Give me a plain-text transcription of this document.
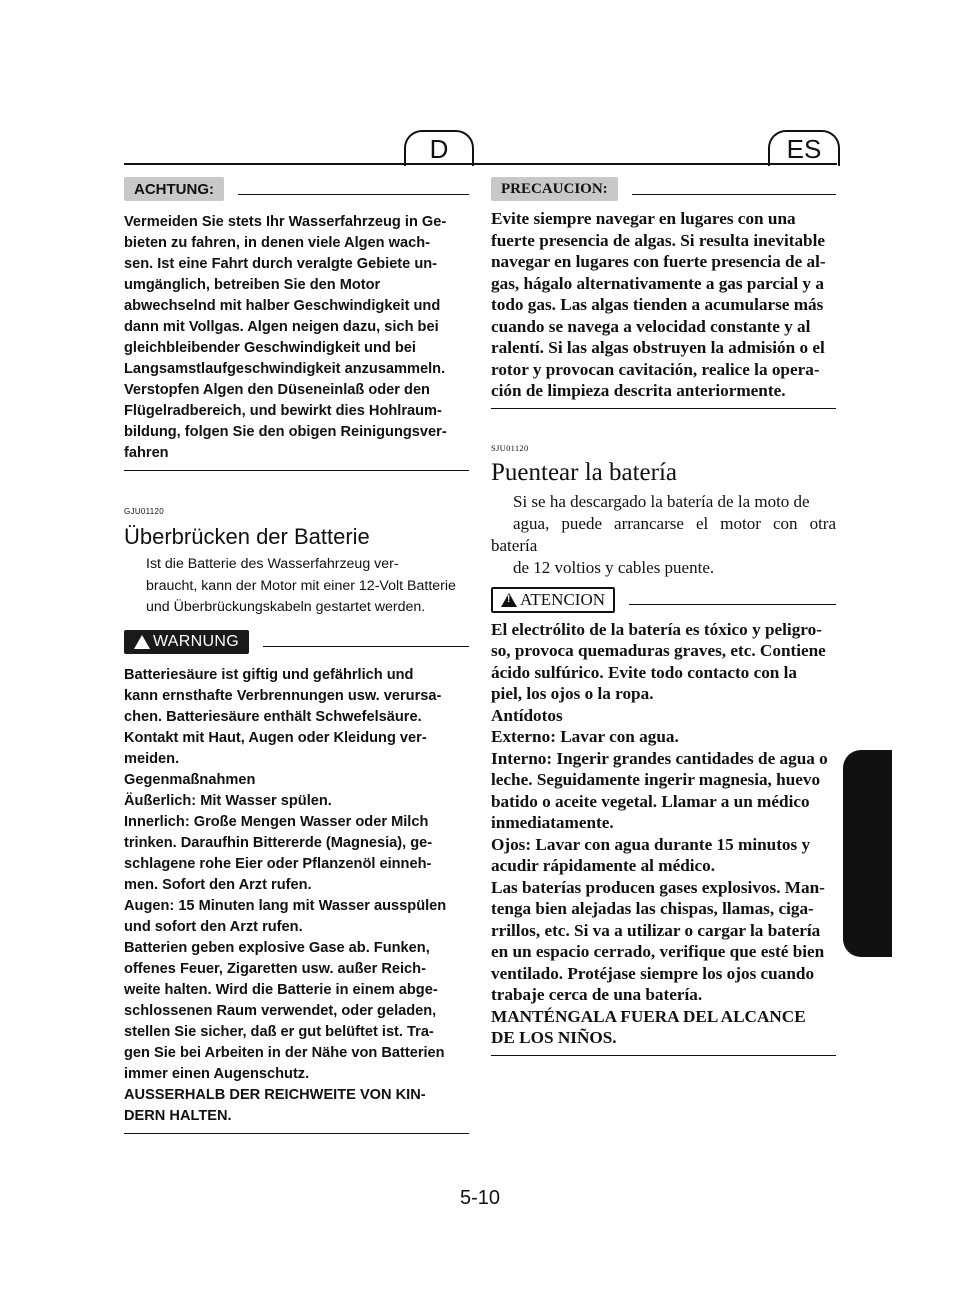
D	ES
ACHTUNG:
Vermeiden Sie stets Ihr Wasserfahrzeug in Ge-
bieten zu fahren, in denen viele Algen wach-
sen. Ist eine Fahrt durch veralgte Gebiete un-
umgänglich, betreiben Sie den Motor
abwechselnd mit halber Geschwindigkeit und
dann mit Vollgas. Algen neigen dazu, sich bei
gleichbleibender Geschwindigkeit und bei
Langsamstlaufgeschwindigkeit anzusammeln.
Verstopfen Algen den Düseneinlaß oder den
Flügelradbereich, und bewirkt dies Hohlraum-
bildung, folgen Sie den obigen Reinigungsver-
fahren
GJU01120
Überbrücken der Batterie
Ist die Batterie des Wasserfahrzeug ver-
braucht, kann der Motor mit einer 12-Volt Batterie
und Überbrückungskabeln gestartet werden.
!
WARNUNG
Batteriesäure ist giftig und gefährlich und
kann ernsthafte Verbrennungen usw. verursa-
chen. Batteriesäure enthält Schwefelsäure.
Kontakt mit Haut, Augen oder Kleidung ver-
meiden.
Gegenmaßnahmen
Äußerlich: Mit Wasser spülen.
Innerlich: Große Mengen Wasser oder Milch
trinken. Daraufhin Bittererde (Magnesia), ge-
schlagene rohe Eier oder Pflanzenöl einneh-
men. Sofort den Arzt rufen.
Augen: 15 Minuten lang mit Wasser ausspülen
und sofort den Arzt rufen.
Batterien geben explosive Gase ab. Funken,
offenes Feuer, Zigaretten usw. außer Reich-
weite halten. Wird die Batterie in einem abge-
schlossenen Raum verwendet, oder geladen,
stellen Sie sicher, daß er gut belüftet ist. Tra-
gen Sie bei Arbeiten in der Nähe von Batterien
immer einen Augenschutz.
AUSSERHALB DER REICHWEITE VON KIN-
DERN HALTEN.
PRECAUCION:
Evite siempre navegar en lugares con una
fuerte presencia de algas. Si resulta inevitable
navegar en lugares con fuerte presencia de al-
gas, hágalo alternativamente a gas parcial y a
todo gas. Las algas tienden a acumularse más
cuando se navega a velocidad constante y al
ralentí. Si las algas obstruyen la admisión o el
rotor y provocan cavitación, realice la opera-
ción de limpieza descrita anteriormente.
SJU01120
Puentear la batería
Si se ha descargado la batería de la moto de
agua, puede arrancarse el motor con otra batería
de 12 voltios y cables puente.
!
ATENCION
El electrólito de la batería es tóxico y peligro-
so, provoca quemaduras graves, etc. Contiene
ácido sulfúrico. Evite todo contacto con la
piel, los ojos o la ropa.
Antídotos
Externo: Lavar con agua.
Interno: Ingerir grandes cantidades de agua o
leche. Seguidamente ingerir magnesia, huevo
batido o aceite vegetal. Llamar a un médico
inmediatamente.
Ojos: Lavar con agua durante 15 minutos y
acudir rápidamente al médico.
Las baterías producen gases explosivos. Man-
tenga bien alejadas las chispas, llamas, ciga-
rrillos, etc. Si va a utilizar o cargar la batería
en un espacio cerrado, verifique que esté bien
ventilado. Protéjase siempre los ojos cuando
trabaje cerca de una batería.
MANTÉNGALA FUERA DEL ALCANCE
DE LOS NIÑOS.
5-10
